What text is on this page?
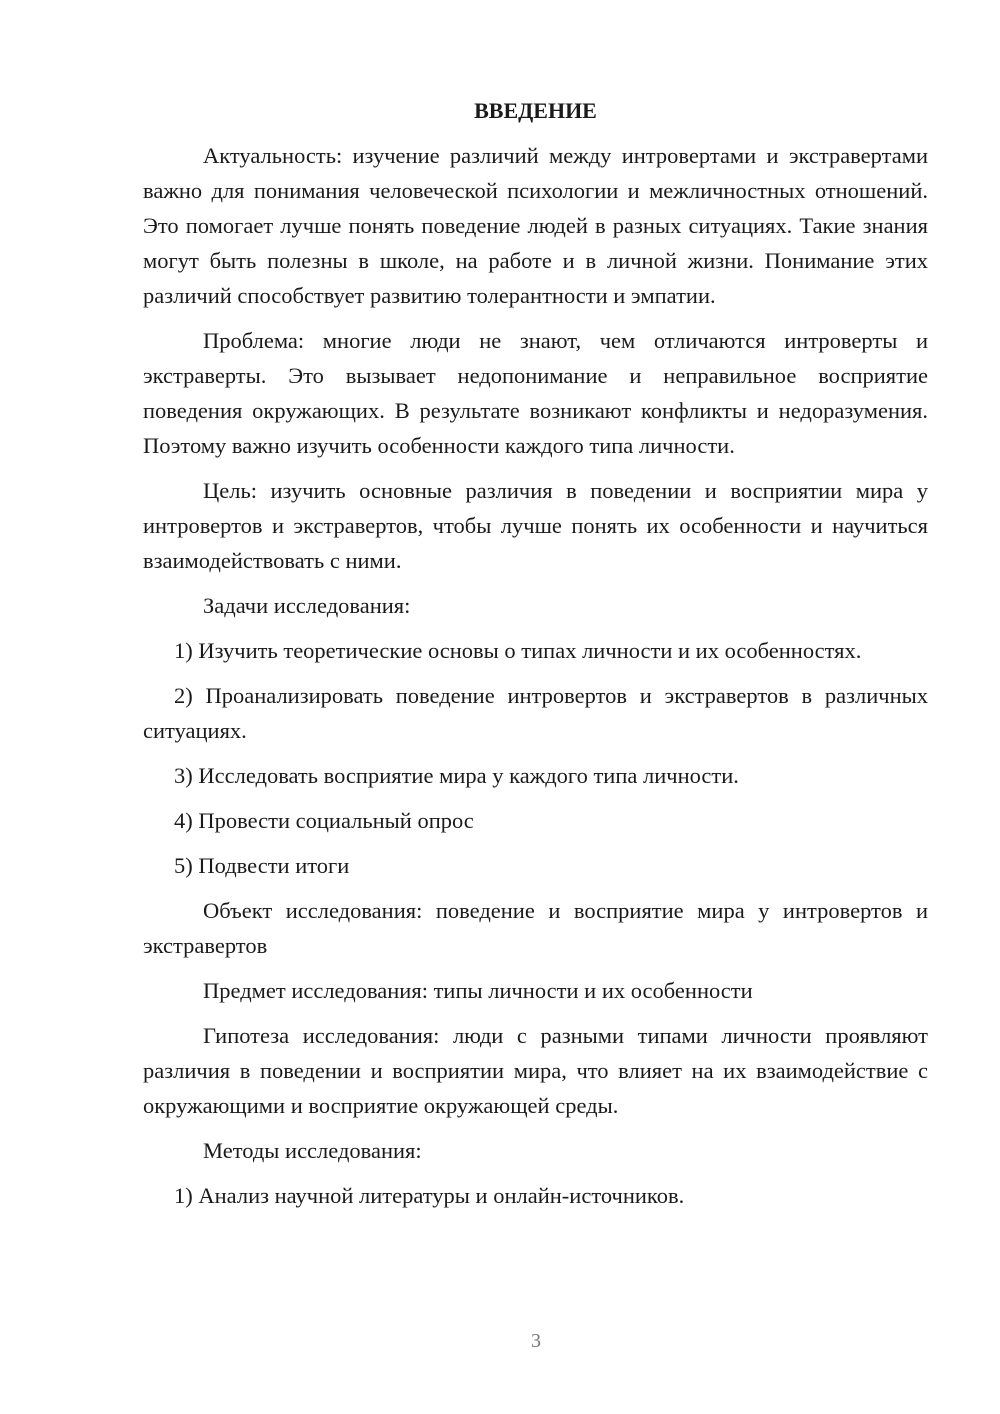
ВВЕДЕНИЕ

Актуальность: изучение различий между интровертами и экстравертами важно для понимания человеческой психологии и межличностных отношений. Это помогает лучше понять поведение людей в разных ситуациях. Такие знания могут быть полезны в школе, на работе и в личной жизни. Понимание этих различий способствует развитию толерантности и эмпатии.

Проблема: многие люди не знают, чем отличаются интроверты и экстраверты. Это вызывает недопонимание и неправильное восприятие поведения окружающих. В результате возникают конфликты и недоразумения. Поэтому важно изучить особенности каждого типа личности.

Цель: изучить основные различия в поведении и восприятии мира у интровертов и экстравертов, чтобы лучше понять их особенности и научиться взаимодействовать с ними.

Задачи исследования:

1) Изучить теоретические основы о типах личности и их особенностях.

2) Проанализировать поведение интровертов и экстравертов в различных ситуациях.

3) Исследовать восприятие мира у каждого типа личности.

4) Провести социальный опрос

5) Подвести итоги

Объект исследования: поведение и восприятие мира у интровертов и экстравертов

Предмет исследования: типы личности и их особенности

Гипотеза исследования: люди с разными типами личности проявляют различия в поведении и восприятии мира, что влияет на их взаимодействие с окружающими и восприятие окружающей среды.

Методы исследования:

1) Анализ научной литературы и онлайн-источников.

3
